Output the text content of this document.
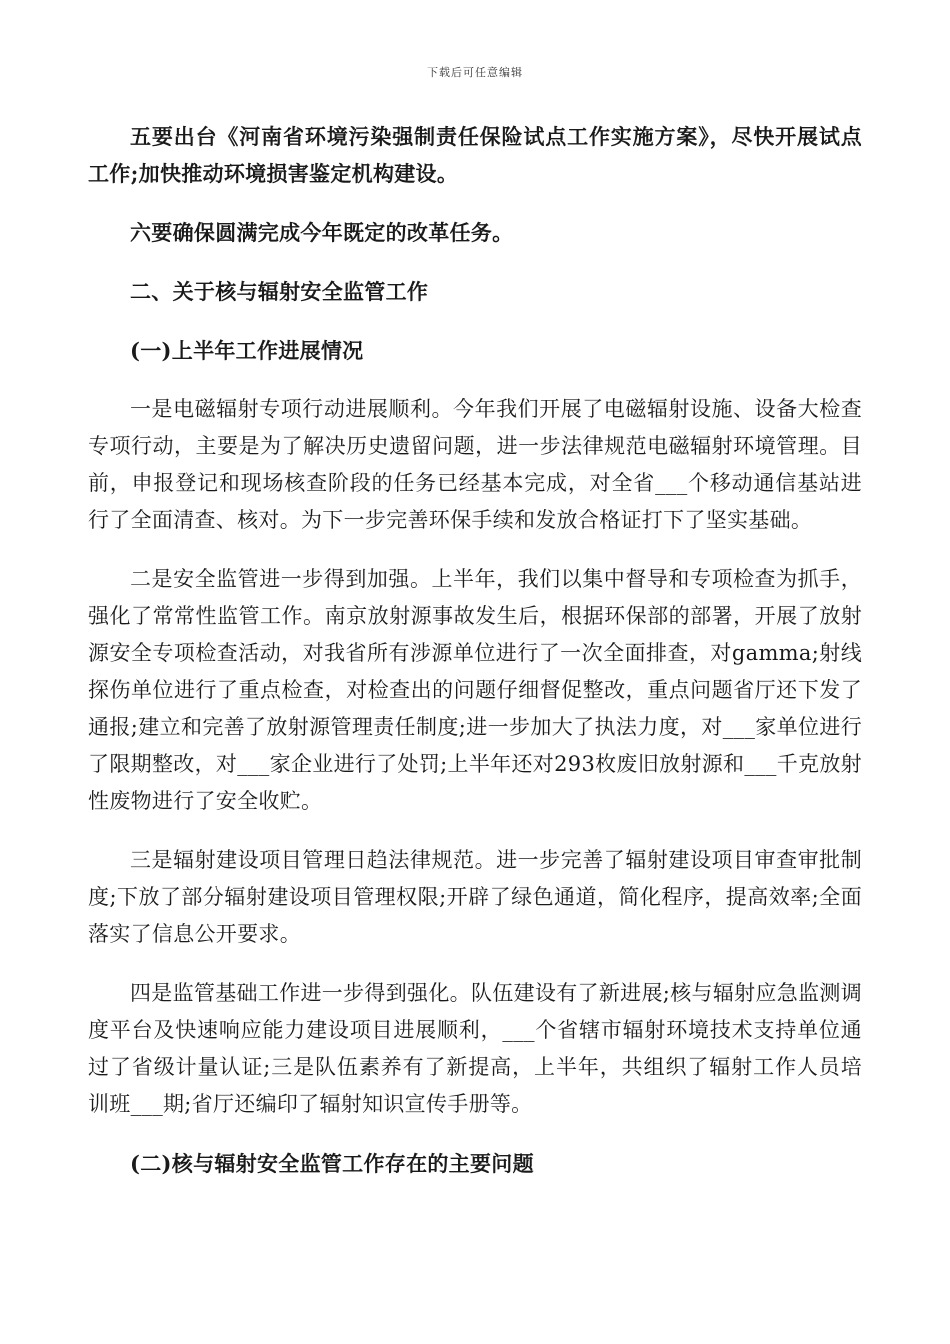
下载后可任意编辑

五要出台《河南省环境污染强制责任保险试点工作实施方案》，尽快开展试点工作;加快推动环境损害鉴定机构建设。

六要确保圆满完成今年既定的改革任务。

二、关于核与辐射安全监管工作

(一)上半年工作进展情况

一是电磁辐射专项行动进展顺利。今年我们开展了电磁辐射设施、设备大检查专项行动，主要是为了解决历史遗留问题，进一步法律规范电磁辐射环境管理。目前，申报登记和现场核查阶段的任务已经基本完成，对全省___个移动通信基站进行了全面清查、核对。为下一步完善环保手续和发放合格证打下了坚实基础。

二是安全监管进一步得到加强。上半年，我们以集中督导和专项检查为抓手，强化了常常性监管工作。南京放射源事故发生后，根据环保部的部署，开展了放射源安全专项检查活动，对我省所有涉源单位进行了一次全面排查，对gamma;射线探伤单位进行了重点检查，对检查出的问题仔细督促整改，重点问题省厅还下发了通报;建立和完善了放射源管理责任制度;进一步加大了执法力度，对___家单位进行了限期整改，对___家企业进行了处罚;上半年还对293枚废旧放射源和___千克放射性废物进行了安全收贮。

三是辐射建设项目管理日趋法律规范。进一步完善了辐射建设项目审查审批制度;下放了部分辐射建设项目管理权限;开辟了绿色通道，简化程序，提高效率;全面落实了信息公开要求。

四是监管基础工作进一步得到强化。队伍建设有了新进展;核与辐射应急监测调度平台及快速响应能力建设项目进展顺利，___个省辖市辐射环境技术支持单位通过了省级计量认证;三是队伍素养有了新提高，上半年，共组织了辐射工作人员培训班___期;省厅还编印了辐射知识宣传手册等。

(二)核与辐射安全监管工作存在的主要问题
